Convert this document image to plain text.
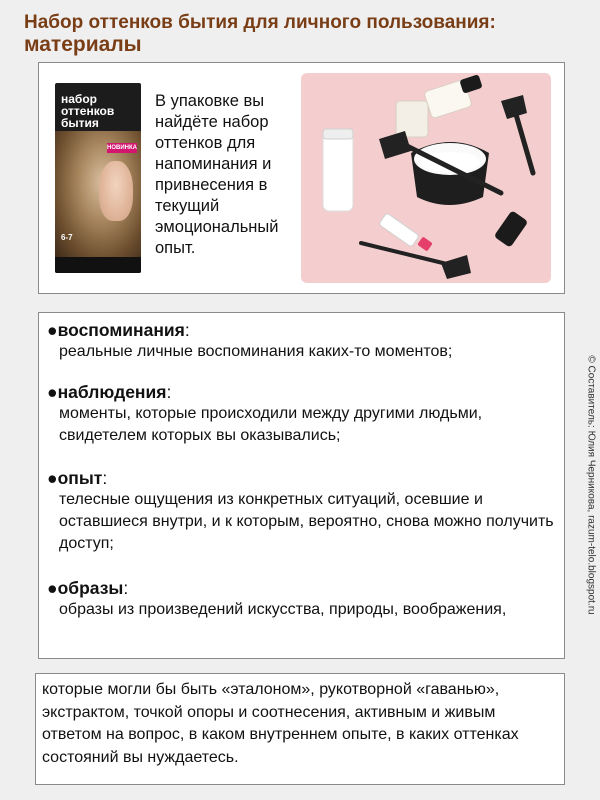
Набор оттенков бытия для личного пользования:
материалы
набор оттенков бытия
НОВИНКА
6-7
В упаковке вы найдёте набор оттенков для напоминания и привнесения в текущий эмоциональный опыт.
●воспоминания:
реальные личные воспоминания каких-то моментов;
●наблюдения:
моменты, которые происходили между другими людьми, свидетелем которых вы оказывались;
●опыт:
телесные ощущения из конкретных ситуаций, осевшие и оставшиеся внутри, и к которым, вероятно, снова можно получить доступ;
●образы:
образы из произведений искусства, природы, воображения,
которые могли бы быть «эталоном», рукотворной «гаванью», экстрактом, точкой опоры и соотнесения, активным и живым ответом на вопрос, в каком внутреннем опыте, в каких оттенках состояний вы нуждаетесь.
© Составитель: Юлия Черникова, razum-telo.blogspot.ru
